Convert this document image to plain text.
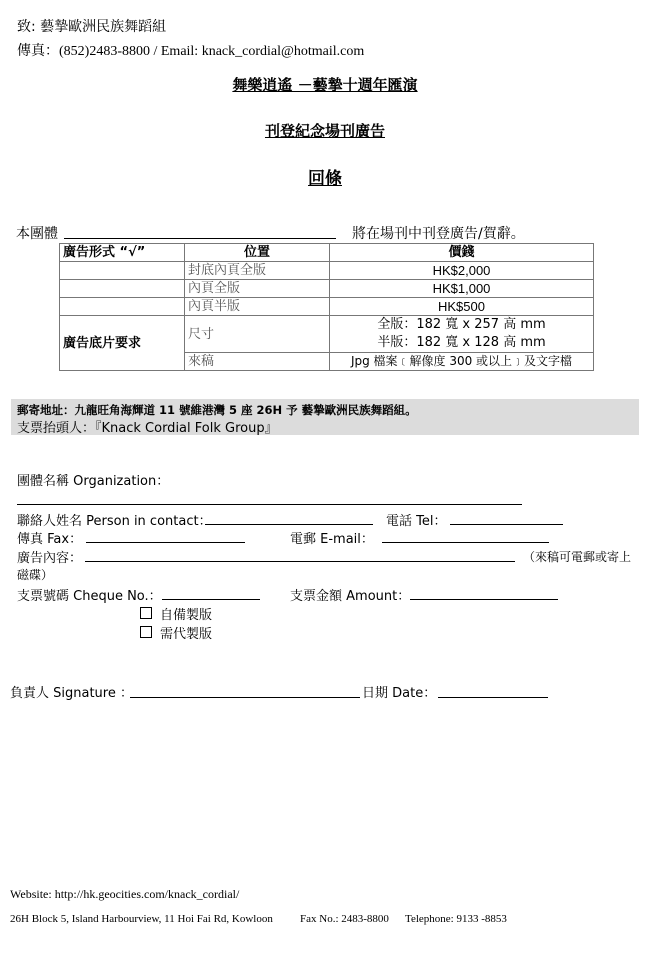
致: 藝摯歐洲民族舞蹈組
傳真：(852)2483-8800 / Email: knack_cordial@hotmail.com
舞樂逍遙 －藝摯十週年匯演
刊登紀念場刊廣告
回條
本團體	將在場刊中刊登廣告/賀辭。
廣告形式 “√”	位置	價錢
	封底內頁全版	HK$2,000
	內頁全版	HK$1,000
	內頁半版	HK$500
廣告底片要求	尺寸	全版：182 寬 x 257 高 mm
半版：182 寬 x 128 高 mm

	來稿	Jpg 檔案﹝解像度 300 或以上﹞及文字檔
郵寄地址：九龍旺角海輝道 11 號維港灣 5 座 26H 予 藝摯歐洲民族舞蹈組。
支票抬頭人：『Knack Cordial Folk Group』
團體名稱 Organization：
聯絡人姓名 Person in contact：	電話 Tel：
傳真 Fax：	電郵 E-mail：
廣告內容：	（來稿可電郵或寄上
磁碟）
支票號碼 Cheque No.：	支票金額 Amount：
自備製版
需代製版
負責人 Signature ：	日期 Date：
Website: http://hk.geocities.com/knack_cordial/
26H Block 5, Island Harbourview, 11 Hoi Fai Rd, Kowloon Fax No.: 2483-8800 Telephone: 9133 -8853
